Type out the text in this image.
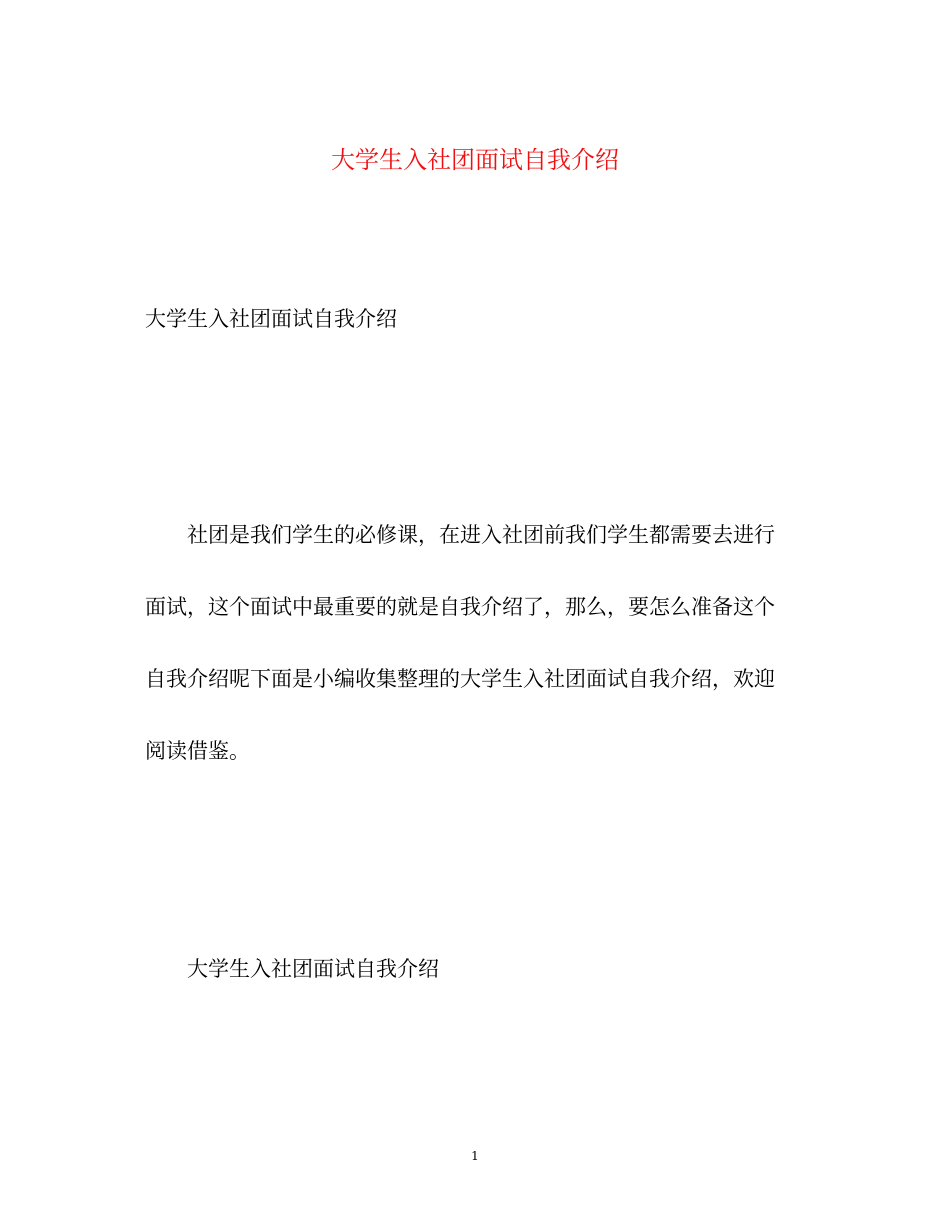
大学生入社团面试自我介绍
大学生入社团面试自我介绍
社团是我们学生的必修课，在进入社团前我们学生都需要去进行
面试，这个面试中最重要的就是自我介绍了，那么，要怎么准备这个
自我介绍呢下面是小编收集整理的大学生入社团面试自我介绍，欢迎
阅读借鉴。
大学生入社团面试自我介绍
1
